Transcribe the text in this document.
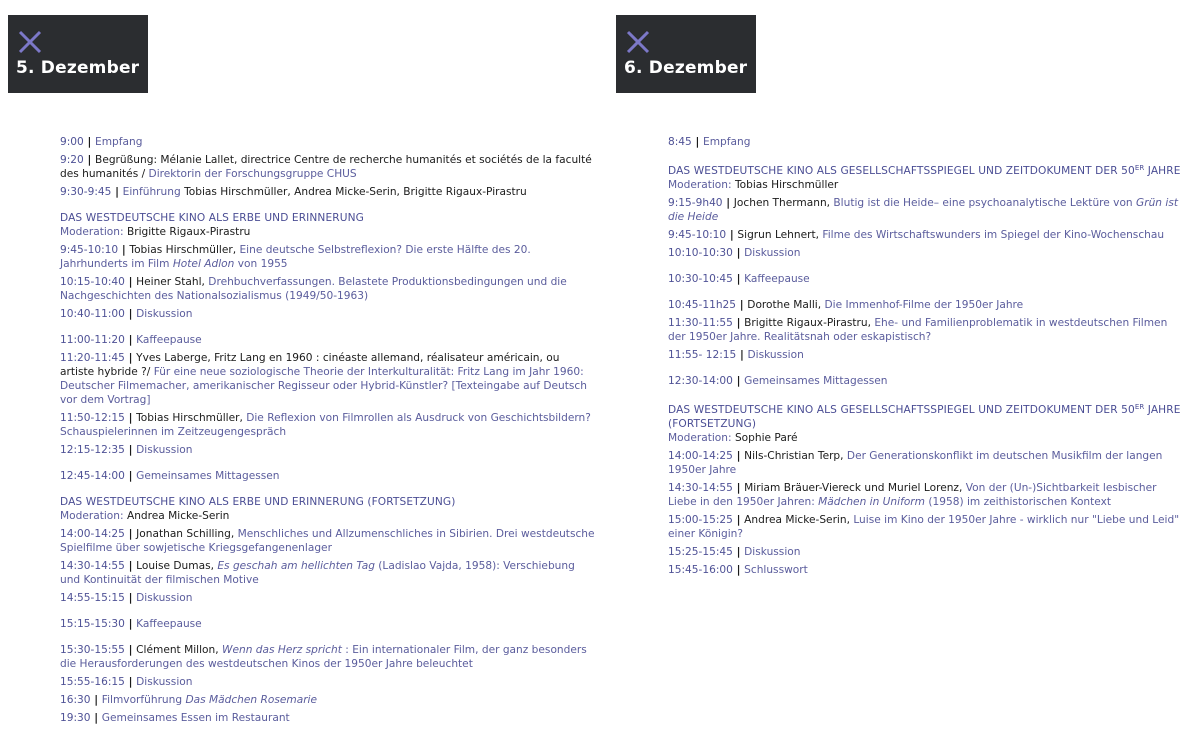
5. Dezember	6. Dezember
9:00 | Empfang
9:20 | Begrüßung: Mélanie Lallet, directrice Centre de recherche humanités et sociétés de la faculté des humanités / Direktorin der Forschungsgruppe CHUS
9:30-9:45 | Einführung Tobias Hirschmüller, Andrea Micke-Serin, Brigitte Rigaux-Pirastru
DAS WESTDEUTSCHE KINO ALS ERBE UND ERINNERUNG
Moderation: Brigitte Rigaux-Pirastru
9:45-10:10 | Tobias Hirschmüller, Eine deutsche Selbstreflexion? Die erste Hälfte des 20. Jahrhunderts im Film Hotel Adlon von 1955
10:15-10:40 | Heiner Stahl, Drehbuchverfassungen. Belastete Produktionsbedingungen und die Nachgeschichten des Nationalsozialismus (1949/50-1963)
10:40-11:00 | Diskussion
11:00-11:20 | Kaffeepause
11:20-11:45 | Yves Laberge, Fritz Lang en 1960 : cinéaste allemand, réalisateur américain, ou artiste hybride ?/ Für eine neue soziologische Theorie der Interkulturalität: Fritz Lang im Jahr 1960: Deutscher Filmemacher, amerikanischer Regisseur oder Hybrid-Künstler? [Texteingabe auf Deutsch vor dem Vortrag]
11:50-12:15 | Tobias Hirschmüller, Die Reflexion von Filmrollen als Ausdruck von Geschichtsbildern? Schauspielerinnen im Zeitzeugengespräch
12:15-12:35 | Diskussion
12:45-14:00 | Gemeinsames Mittagessen
DAS WESTDEUTSCHE KINO ALS ERBE UND ERINNERUNG (FORTSETZUNG)
Moderation: Andrea Micke-Serin
14:00-14:25 | Jonathan Schilling, Menschliches und Allzumenschliches in Sibirien. Drei westdeutsche Spielfilme über sowjetische Kriegsgefangenenlager
14:30-14:55 | Louise Dumas, Es geschah am hellichten Tag (Ladislao Vajda, 1958): Verschiebung und Kontinuität der filmischen Motive
14:55-15:15 | Diskussion
15:15-15:30 | Kaffeepause
15:30-15:55 | Clément Millon, Wenn das Herz spricht : Ein internationaler Film, der ganz besonders die Herausforderungen des westdeutschen Kinos der 1950er Jahre beleuchtet
15:55-16:15 | Diskussion
16:30 | Filmvorführung Das Mädchen Rosemarie
19:30 | Gemeinsames Essen im Restaurant
8:45 | Empfang
DAS WESTDEUTSCHE KINO ALS GESELLSCHAFTSSPIEGEL UND ZEITDOKUMENT DER 50ER JAHRE
Moderation: Tobias Hirschmüller
9:15-9h40 | Jochen Thermann, Blutig ist die Heide– eine psychoanalytische Lektüre von Grün ist die Heide
9:45-10:10 | Sigrun Lehnert, Filme des Wirtschaftswunders im Spiegel der Kino-Wochenschau
10:10-10:30 | Diskussion
10:30-10:45 | Kaffeepause
10:45-11h25 | Dorothe Malli, Die Immenhof-Filme der 1950er Jahre
11:30-11:55 | Brigitte Rigaux-Pirastru, Ehe- und Familienproblematik in westdeutschen Filmen der 1950er Jahre. Realitätsnah oder eskapistisch?
11:55- 12:15 | Diskussion
12:30-14:00 | Gemeinsames Mittagessen
DAS WESTDEUTSCHE KINO ALS GESELLSCHAFTSSPIEGEL UND ZEITDOKUMENT DER 50ER JAHRE (FORTSETZUNG)
Moderation: Sophie Paré
14:00-14:25 | Nils-Christian Terp, Der Generationskonflikt im deutschen Musikfilm der langen 1950er Jahre
14:30-14:55 | Miriam Bräuer-Viereck und Muriel Lorenz, Von der (Un-)Sichtbarkeit lesbischer Liebe in den 1950er Jahren: Mädchen in Uniform (1958) im zeithistorischen Kontext
15:00-15:25 | Andrea Micke-Serin, Luise im Kino der 1950er Jahre - wirklich nur "Liebe und Leid" einer Königin?
15:25-15:45 | Diskussion
15:45-16:00 | Schlusswort
